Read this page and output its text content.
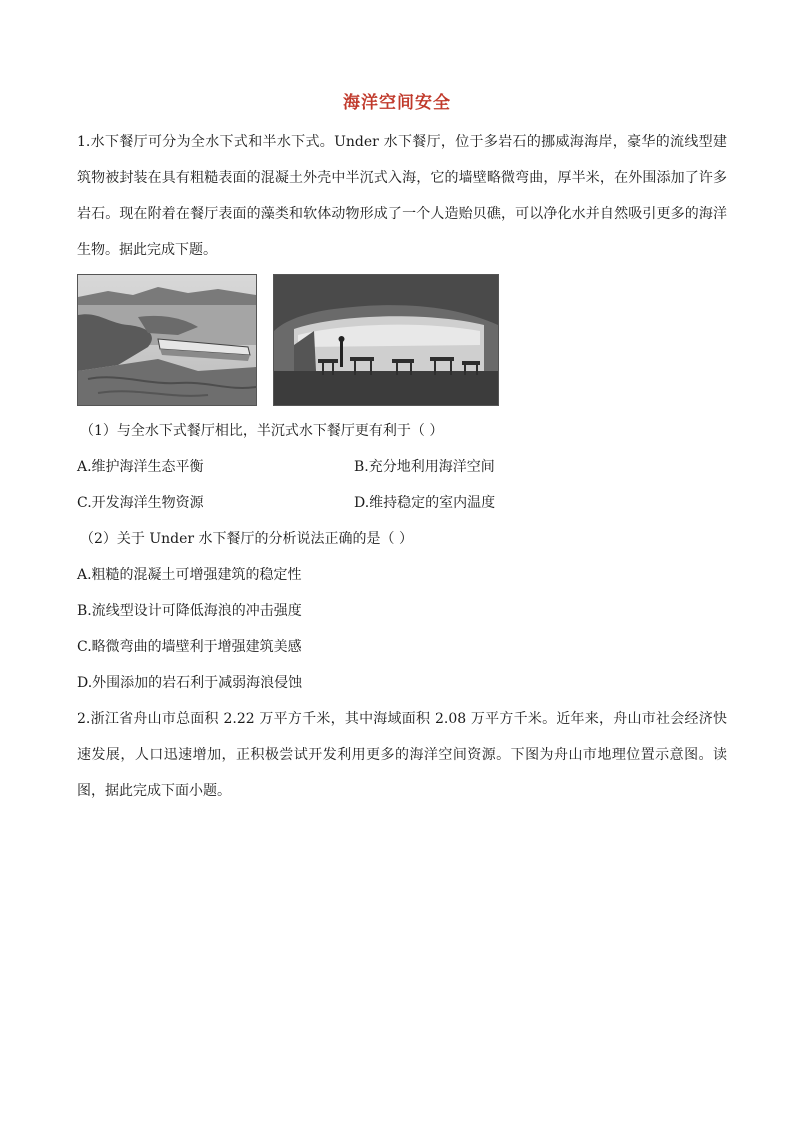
海洋空间安全
1.水下餐厅可分为全水下式和半水下式。Under 水下餐厅，位于多岩石的挪威海海岸，豪华的流线型建筑物被封装在具有粗糙表面的混凝土外壳中半沉式入海，它的墙壁略微弯曲，厚半米，在外围添加了许多岩石。现在附着在餐厅表面的藻类和软体动物形成了一个人造贻贝礁，可以净化水并自然吸引更多的海洋生物。据此完成下题。
（1）与全水下式餐厅相比，半沉式水下餐厅更有利于（ ）
A.维护海洋生态平衡	B.充分地利用海洋空间
C.开发海洋生物资源	D.维持稳定的室内温度
（2）关于 Under 水下餐厅的分析说法正确的是（ ）
A.粗糙的混凝土可增强建筑的稳定性
B.流线型设计可降低海浪的冲击强度
C.略微弯曲的墙壁利于增强建筑美感
D.外围添加的岩石利于减弱海浪侵蚀
2.浙江省舟山市总面积 2.22 万平方千米，其中海域面积 2.08 万平方千米。近年来，舟山市社会经济快速发展，人口迅速增加，正积极尝试开发利用更多的海洋空间资源。下图为舟山市地理位置示意图。读图，据此完成下面小题。
